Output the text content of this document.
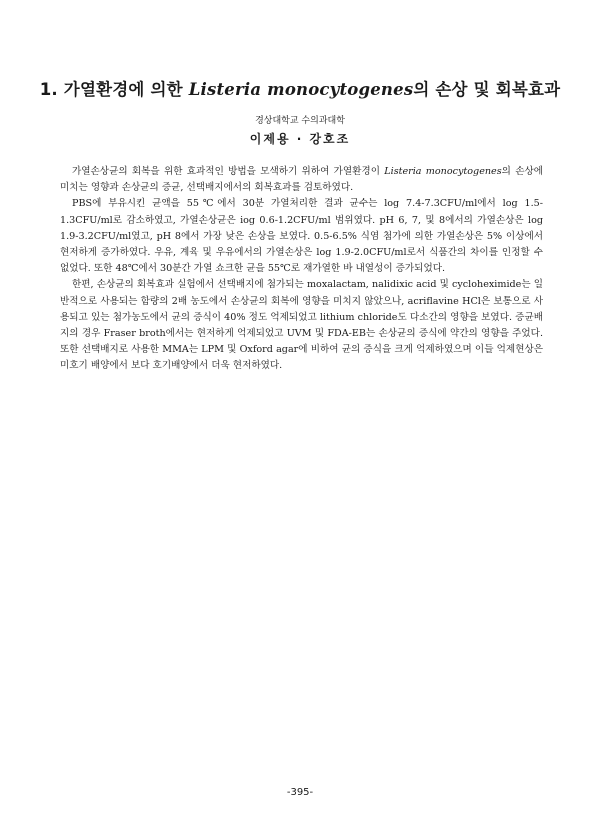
1. 가열환경에 의한 Listeria monocytogenes의 손상 및 회복효과
경상대학교 수의과대학
이제용 · 강호조

가열손상균의 회복을 위한 효과적인 방법을 모색하기 위하여 가열환경이 Listeria monocytogenes의 손상에 미치는 영향과 손상균의 증균, 선택배지에서의 회복효과를 검토하였다.

PBS에 부유시킨 균액을 55℃에서 30분 가열처리한 결과 균수는 log 7.4-7.3CFU/ml에서 log 1.5-1.3CFU/ml로 감소하였고, 가열손상균은 iog 0.6-1.2CFU/ml 범위였다. pH 6, 7, 및 8에서의 가열손상은 log 1.9-3.2CFU/ml였고, pH 8에서 가장 낮은 손상을 보였다. 0.5-6.5% 식염 첨가에 의한 가열손상은 5% 이상에서 현저하게 증가하였다. 우유, 계육 및 우유에서의 가열손상은 log 1.9-2.0CFU/ml로서 식품간의 차이를 인정할 수 없었다. 또한 48℃에서 30분간 가열 쇼크한 균을 55℃로 재가열한 바 내열성이 증가되었다.

한편, 손상균의 회복효과 실험에서 선택배지에 첨가되는 moxalactam, nalidixic acid 및 cycloheximide는 일반적으로 사용되는 함량의 2배 농도에서 손상균의 회복에 영향을 미치지 않았으나, acriflavine HCl은 보통으로 사용되고 있는 첨가농도에서 균의 증식이 40% 정도 억제되었고 lithium chloride도 다소간의 영향을 보였다. 증균배지의 경우 Fraser broth에서는 현저하게 억제되었고 UVM 및 FDA-EB는 손상균의 증식에 약간의 영향을 주었다. 또한 선택배지로 사용한 MMA는 LPM 및 Oxford agar에 비하여 균의 증식을 크게 억제하였으며 이들 억제현상은 미호기 배양에서 보다 호기배양에서 더욱 현저하였다.

-395-
